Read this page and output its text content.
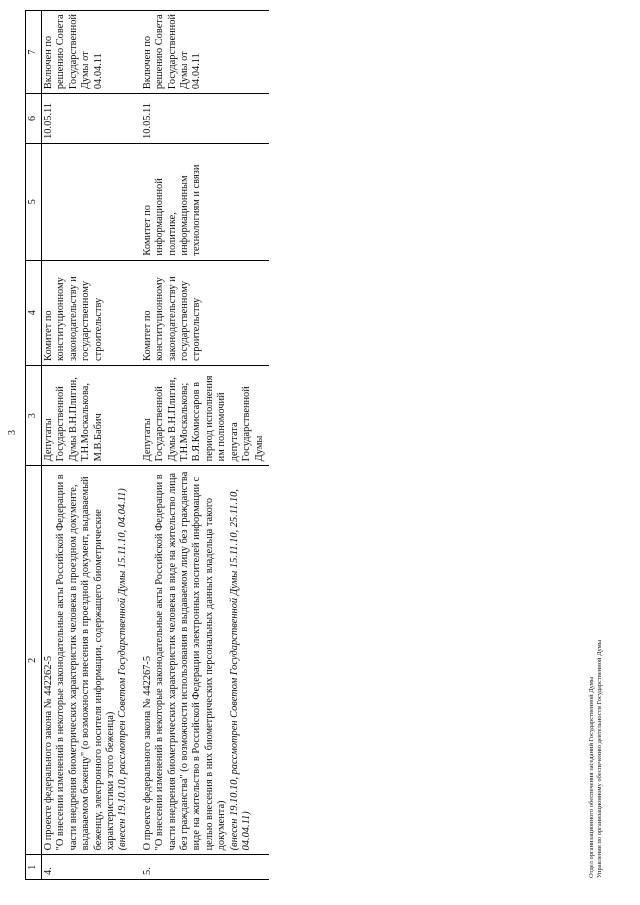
3
1	2	3	4	5	6	7
4.	О проекте федерального закона № 442262-5 "О внесении изменений в некоторые законодательные акты Российской Федерации в части внедрения биометрических характеристик человека в проездном документе, выдаваемом беженцу" (о возможности внесения в проездной документ, выдаваемый беженцу, электронного носителя информации, содержащего биометрические характеристики этого беженца) (внесен 19.10.10, рассмотрен Советом Государственной Думы 15.11.10, 04.04.11)	Депутаты Государственной Думы В.Н.Плигин, Т.Н.Москалькова, М.В.Бабич	Комитет по конституционному законодательству и государственному строительству		10.05.11	Включен по решению Совета Государственной Думы от 04.04.11

5.	О проекте федерального закона № 442267-5 "О внесении изменений в некоторые законодательные акты Российской Федерации в части внедрения биометрических характеристик человека в виде на жительство лица без гражданства" (о возможности использования в выдаваемом лицу без гражданства виде на жительство в Российской Федерации электронных носителей информации с целью внесения в них биометрических персональных данных владельца такого документа) (внесен 19.10.10, рассмотрен Советом Государственной Думы 15.11.10, 25.11.10, 04.04.11)	Депутаты Государственной Думы В.Н.Плигин, Т.Н.Москалькова; В.Я.Комиссаров в период исполнения им полномочий депутата Государственной Думы	Комитет по конституционному законодательству и государственному строительству	Комитет по информационной политике, информационным технологиям и связи	10.05.11	Включен по решению Совета Государственной Думы от 04.04.11
Отдел организационного обеспечения заседаний Государственной Думы Управления по организационному обеспечению деятельности Государственной Думы
